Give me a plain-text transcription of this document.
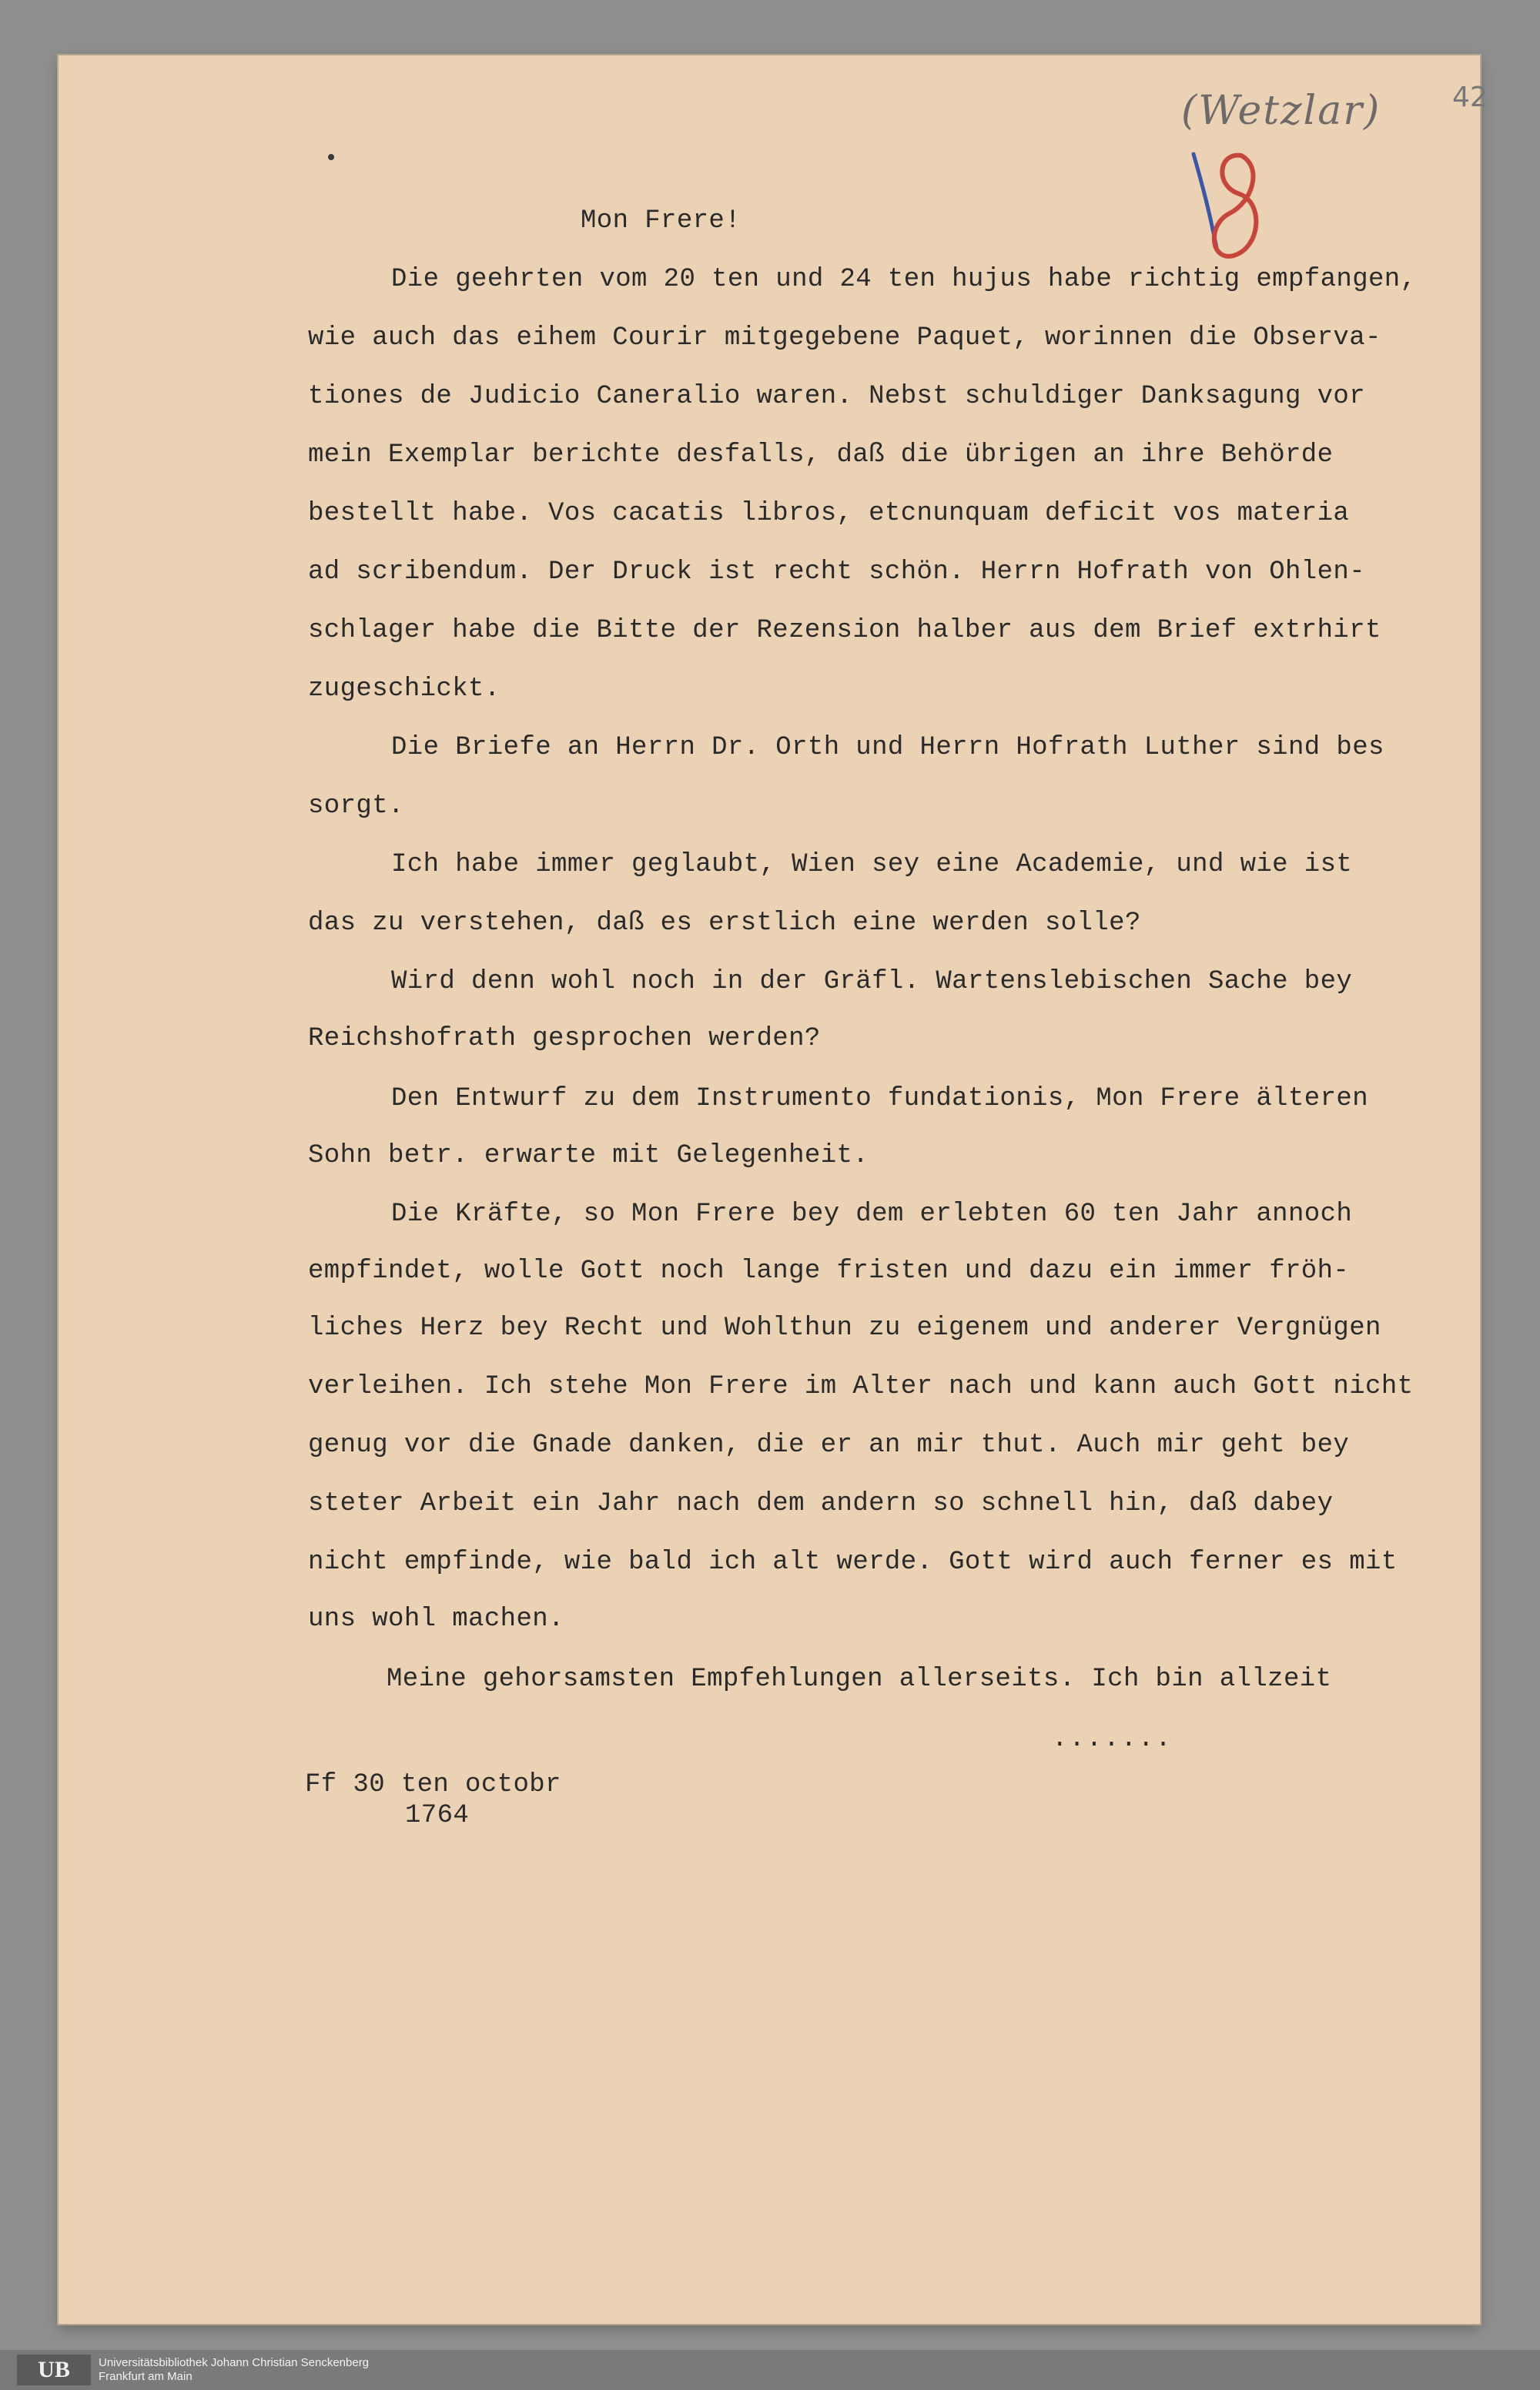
(Wetzlar)	42
Mon Frere!
Die geehrten vom 20 ten und 24 ten hujus habe richtig empfangen,
wie auch das eihem Courir mitgegebene Paquet, worinnen die Observa-
tiones de Judicio Caneralio waren. Nebst schuldiger Danksagung vor
mein Exemplar berichte desfalls, daß die übrigen an ihre Behörde
bestellt habe. Vos cacatis libros, etcnunquam deficit vos materia
ad scribendum. Der Druck ist recht schön. Herrn Hofrath von Ohlen-
schlager habe die Bitte der Rezension halber aus dem Brief extrhirt
zugeschickt.
Die Briefe an Herrn Dr. Orth und Herrn Hofrath Luther sind bes
sorgt.
Ich habe immer geglaubt, Wien sey eine Academie, und wie ist
das zu verstehen, daß es erstlich eine werden solle?
Wird denn wohl noch in der Gräfl. Wartenslebischen Sache bey
Reichshofrath gesprochen werden?
Den Entwurf zu dem Instrumento fundationis, Mon Frere älteren
Sohn betr. erwarte mit Gelegenheit.
Die Kräfte, so Mon Frere bey dem erlebten 60 ten Jahr annoch
empfindet, wolle Gott noch lange fristen und dazu ein immer fröh-
liches Herz bey Recht und Wohlthun zu eigenem und anderer Vergnügen
verleihen. Ich stehe Mon Frere im Alter nach und kann auch Gott nicht
genug vor die Gnade danken, die er an mir thut. Auch mir geht bey
steter Arbeit ein Jahr nach dem andern so schnell hin, daß dabey
nicht empfinde, wie bald ich alt werde. Gott wird auch ferner es mit
uns wohl machen.
Meine gehorsamsten Empfehlungen allerseits. Ich bin allzeit
.......
Ff 30 ten octobr
1764
UB	Universitätsbibliothek Johann Christian Senckenberg
Frankfurt am Main
